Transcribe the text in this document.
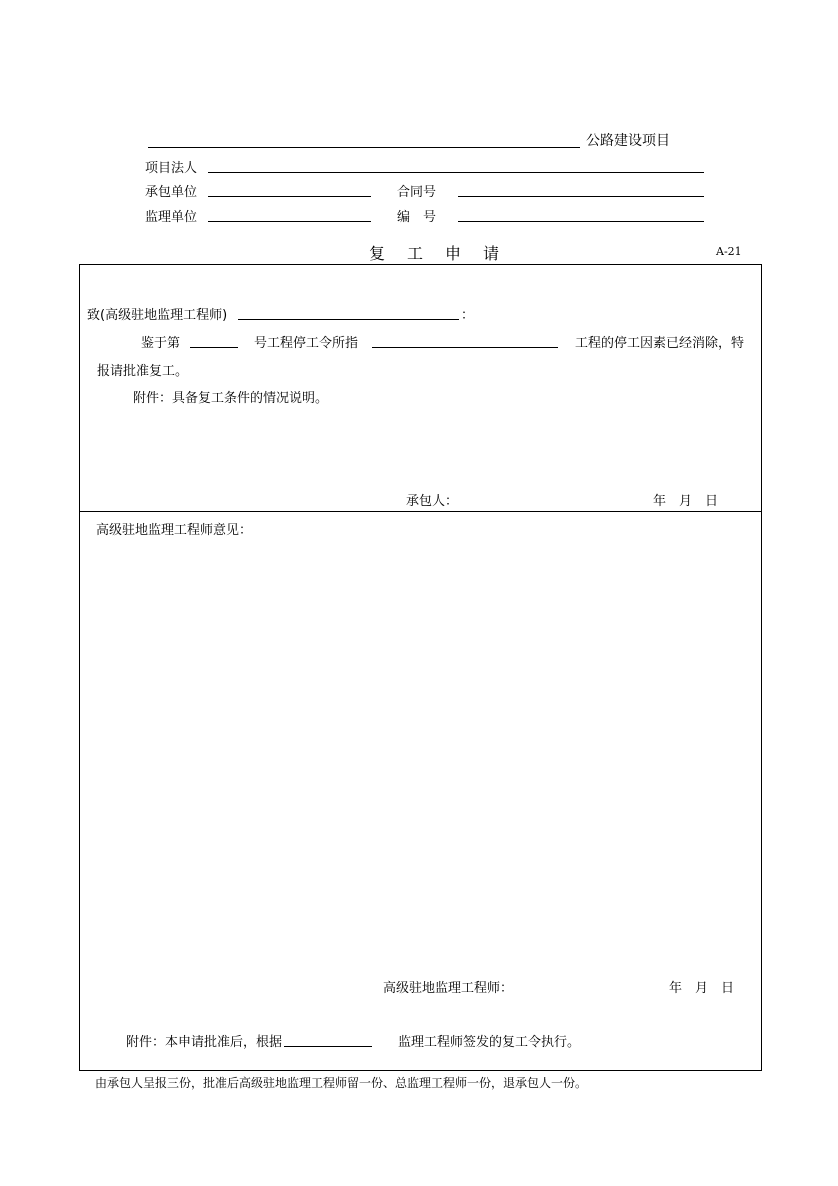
公路建设项目
项目法人
承包单位	合同号
监理单位	编　号
复工申请	A-21
致(高级驻地监理工程师)	：
鉴于第	号工程停工令所指	工程的停工因素已经消除，特
报请批准复工。
附件：具备复工条件的情况说明。
承包人：	年　月　日
高级驻地监理工程师意见：
高级驻地监理工程师：	年　月　日
附件：本申请批准后，根据	监理工程师签发的复工令执行。
由承包人呈报三份，批准后高级驻地监理工程师留一份、总监理工程师一份，退承包人一份。
